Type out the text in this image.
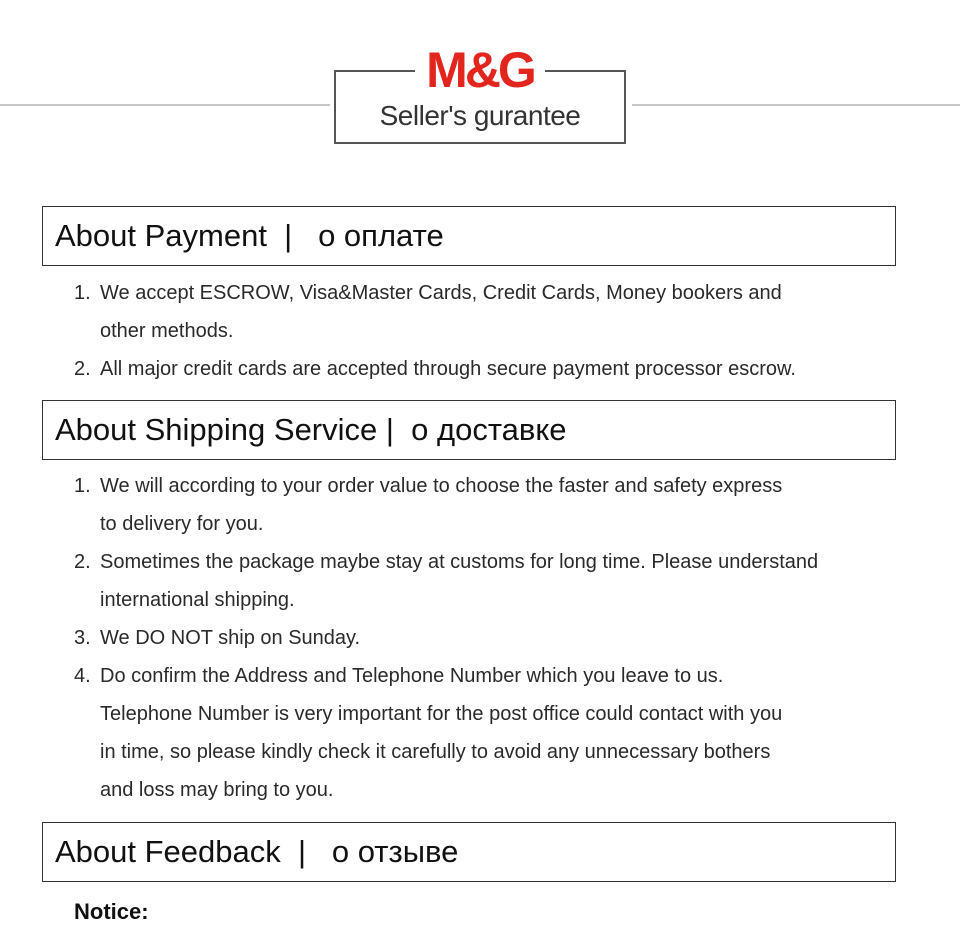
M&G
Seller's gurantee
About Payment  |   о оплате
1. We accept ESCROW, Visa&Master Cards, Credit Cards, Money bookers and
other methods.
2. All major credit cards are accepted through secure payment processor escrow.
About Shipping Service |  о доставке
1. We will according to your order value to choose the faster and safety express
to delivery for you.
2. Sometimes the package maybe stay at customs for long time. Please understand
international shipping.
3. We DO NOT ship on Sunday.
4. Do confirm the Address and Telephone Number which you leave to us.
Telephone Number is very important for the post office could contact with you
in time, so please kindly check it carefully to avoid any unnecessary bothers
and loss may bring to you.
About Feedback  |   о отзыве
Notice:
